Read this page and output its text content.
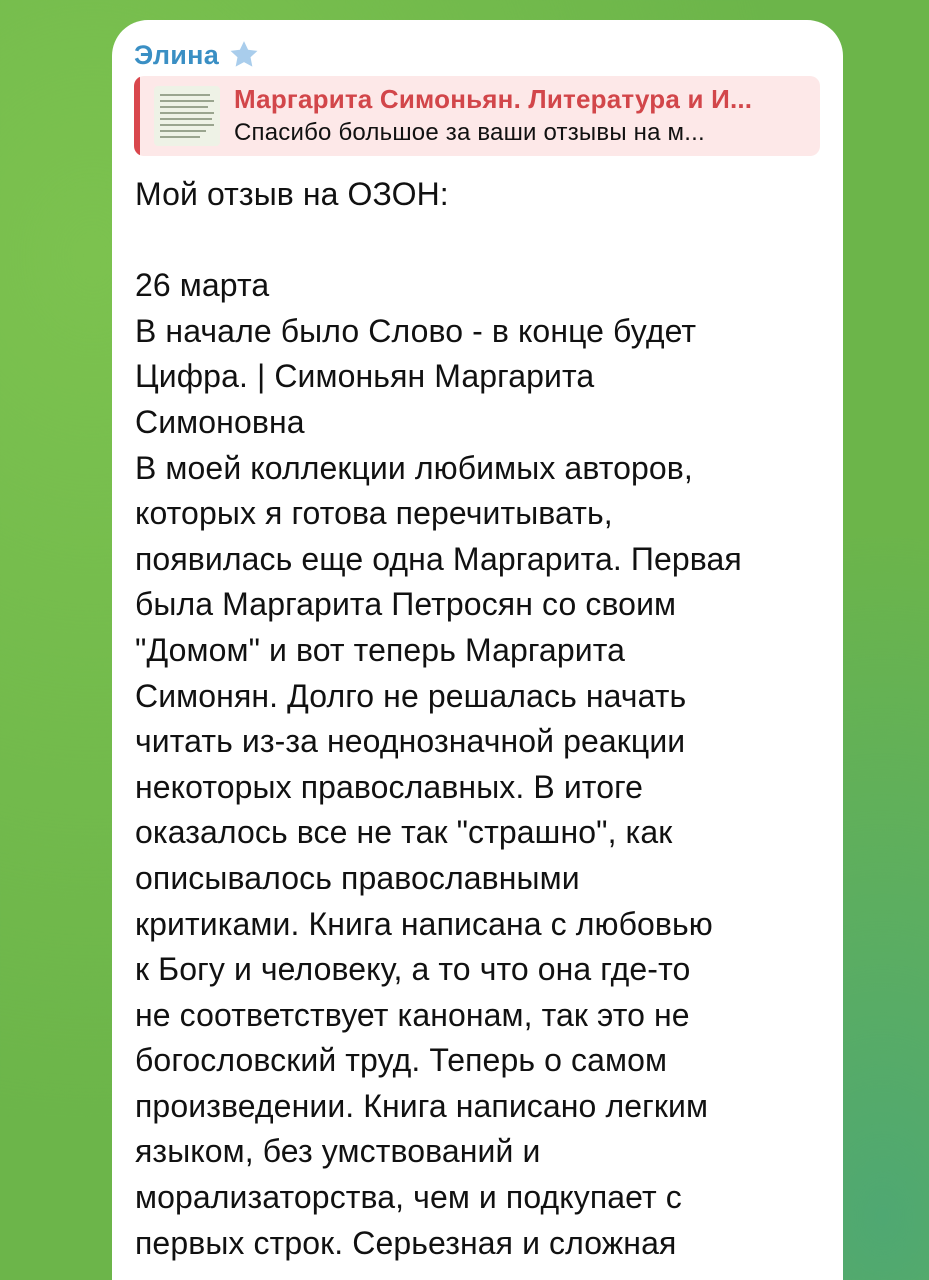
Элина
Маргарита Симоньян. Литература и И...
Спасибо большое за ваши отзывы на м...

Мой отзыв на ОЗОН:

26 марта
В начале было Слово - в конце будет
Цифра. | Симоньян Маргарита
Симоновна
В моей коллекции любимых авторов,
которых я готова перечитывать,
появилась еще одна Маргарита. Первая
была Маргарита Петросян со своим
"Домом" и вот теперь Маргарита
Симонян. Долго не решалась начать
читать из-за неоднозначной реакции
некоторых православных. В итоге
оказалось все не так "страшно", как
описывалось православными
критиками. Книга написана с любовью
к Богу и человеку, а то что она где-то
не соответствует канонам, так это не
богословский труд. Теперь о самом
произведении. Книга написано легким
языком, без умствований и
морализаторства, чем и подкупает с
первых строк. Серьезная и сложная
